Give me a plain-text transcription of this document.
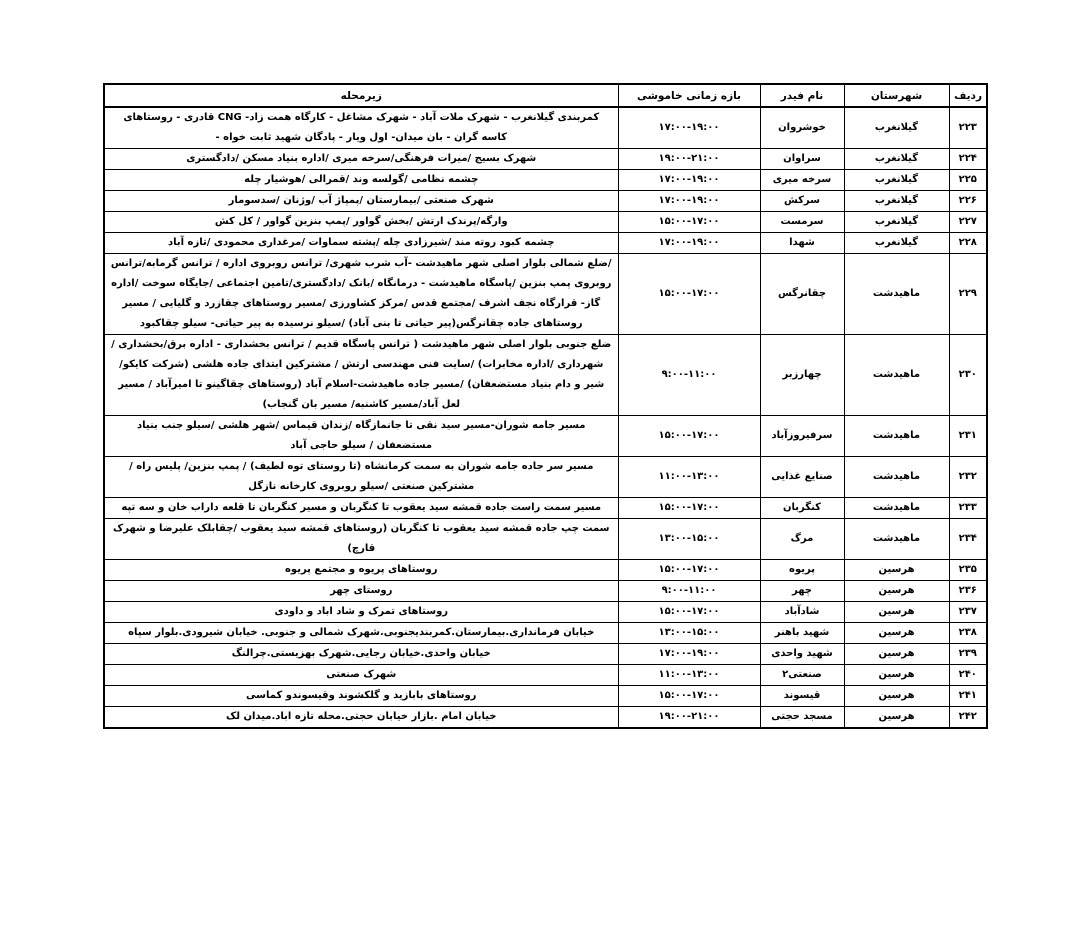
ردیف	شهرستان	نام فیدر	بازه زمانی خاموشی	زیرمحله
۲۲۳	گیلانغرب	خوشروان	۱۷:۰۰-۱۹:۰۰	کمربندی گیلانغرب - شهرک ملات آباد - شهرک مشاغل - کارگاه همت زاد- CNG قادری - روستاهای کاسه گران - بان میدان- اول ویار - پادگان شهید ثابت خواه -
۲۲۴	گیلانغرب	سراوان	۱۹:۰۰-۲۱:۰۰	شهرک بسیج /میرات فرهنگی/سرخه میری /اداره بنیاد مسکن /دادگستری
۲۲۵	گیلانغرب	سرخه میری	۱۷:۰۰-۱۹:۰۰	چشمه نظامی /گولسه وند /قمرالی /هوشیار چله
۲۲۶	گیلانغرب	سرکش	۱۷:۰۰-۱۹:۰۰	شهرک صنعتی /بیمارستان /پمپاژ آب /وژنان /سدسومار
۲۲۷	گیلانغرب	سرمست	۱۵:۰۰-۱۷:۰۰	وارگه/پرندک ارتش /بخش گواور /پمپ بنزین گواور / کل کش
۲۲۸	گیلانغرب	شهدا	۱۷:۰۰-۱۹:۰۰	چشمه کبود روته مند /شیرزادی چله /پشته سماوات /مرغداری محمودی /تازه آباد
۲۲۹	ماهیدشت	چقانرگس	۱۵:۰۰-۱۷:۰۰	/ضلع شمالی بلوار اصلی شهر ماهیدشت -آب شرب شهری/ ترانس روبروی اداره / ترانس گرمابه/ترانس روبروی پمپ بنزین /پاسگاه ماهیدشت - درمانگاه /بانک /دادگستری/تامین اجتماعی /جایگاه سوخت /اداره گاز- قرارگاه نجف اشرف /مجتمع قدس /مرکز کشاورزی /مسیر روستاهای چقازرد و گلیایی / مسیر روستاهای جاده چقانرگس(پیر حیاتی تا بنی آباد) /سیلو نرسیده به پیر حیاتی- سیلو چقاکبود
۲۳۰	ماهیدشت	چهارزبر	۹:۰۰-۱۱:۰۰	ضلع جنوبی بلوار اصلی شهر ماهیدشت ( ترانس پاسگاه قدیم / ترانس بخشداری - اداره برق/بخشداری /شهرداری /اداره مخابرات) /سایت فنی مهندسی ارتش / مشترکین ابتدای جاده هلشی (شرکت کایکو/ شیر و دام بنیاد مستضعفان) /مسیر جاده ماهیدشت-اسلام آباد (روستاهای چقاگینو تا امیرآباد / مسیر لعل آباد/مسیر کاشنبه/ مسیر بان گنجاب)
۲۳۱	ماهیدشت	سرفیروزآباد	۱۵:۰۰-۱۷:۰۰	مسیر جامه شوران-مسیر سید نقی تا جانمازگاه /زندان قیماس /شهر هلشی /سیلو جنب بنیاد مستضعفان / سیلو حاجی آباد
۲۳۲	ماهیدشت	صنایع غذایی	۱۱:۰۰-۱۳:۰۰	مسیر سر جاده جامه شوران به سمت کرمانشاه (تا روستای توه لطیف) / پمپ بنزین/ پلیس راه /مشترکین صنعتی /سیلو روبروی کارخانه نازگل
۲۳۳	ماهیدشت	کنگربان	۱۵:۰۰-۱۷:۰۰	مسیر سمت راست جاده قمشه سید یعقوب تا کنگربان و مسیر کنگربان تا قلعه داراب خان و سه تپه
۲۳۴	ماهیدشت	مرگ	۱۳:۰۰-۱۵:۰۰	سمت چپ جاده قمشه سید یعقوب تا کنگربان (روستاهای قمشه سید یعقوب /چقابلک علیرضا و شهرک قارچ)
۲۳۵	هرسین	پریوه	۱۵:۰۰-۱۷:۰۰	روستاهای پریوه و مجتمع پریوه
۲۳۶	هرسین	چهر	۹:۰۰-۱۱:۰۰	روستای چهر
۲۳۷	هرسین	شادآباد	۱۵:۰۰-۱۷:۰۰	روستاهای تمرک و شاد اباد و داودی
۲۳۸	هرسین	شهید باهنر	۱۳:۰۰-۱۵:۰۰	خیابان فرمانداری.بیمارستان.کمربندیجنوبی.شهرک شمالی و جنوبی. خیابان شیرودی.بلوار سپاه
۲۳۹	هرسین	شهید واحدی	۱۷:۰۰-۱۹:۰۰	خیابان واحدی.خیابان رجایی.شهرک بهزیستی.چرالنگ
۲۴۰	هرسین	صنعتی۲	۱۱:۰۰-۱۳:۰۰	شهرک صنعتی
۲۴۱	هرسین	قیسوند	۱۵:۰۰-۱۷:۰۰	روستاهای بابازید و گلکشوند وقیسوندو کماسی
۲۴۲	هرسین	مسجد حجتی	۱۹:۰۰-۲۱:۰۰	خیابان امام .بازار خیابان حجتی.محله تازه اباد.میدان لک
